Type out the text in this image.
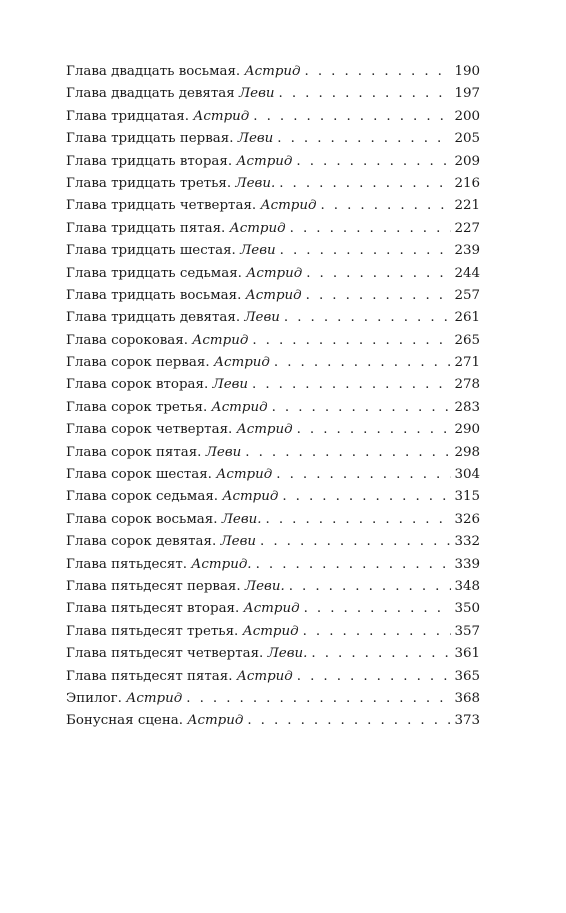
Глава двадцать восьмая. Астрид . . .	190
Глава двадцать девятая Леви . . .	197
Глава тридцатая. Астрид . . .	200
Глава тридцать первая. Леви . . .	205
Глава тридцать вторая. Астрид . . .	209
Глава тридцать третья. Леви. . . .	216
Глава тридцать четвертая. Астрид . . .	221
Глава тридцать пятая. Астрид . . .	227
Глава тридцать шестая. Леви . . .	239
Глава тридцать седьмая. Астрид . . .	244
Глава тридцать восьмая. Астрид . . .	257
Глава тридцать девятая. Леви . . .	261
Глава сороковая. Астрид . . .	265
Глава сорок первая. Астрид . . .	271
Глава сорок вторая. Леви . . .	278
Глава сорок третья. Астрид . . .	283
Глава сорок четвертая. Астрид . . .	290
Глава сорок пятая. Леви . . .	298
Глава сорок шестая. Астрид . . .	304
Глава сорок седьмая. Астрид . . .	315
Глава сорок восьмая. Леви. . . .	326
Глава сорок девятая. Леви . . .	332
Глава пятьдесят. Астрид. . . .	339
Глава пятьдесят первая. Леви. . . .	348
Глава пятьдесят вторая. Астрид . . .	350
Глава пятьдесят третья. Астрид . . .	357
Глава пятьдесят четвертая. Леви. . . .	361
Глава пятьдесят пятая. Астрид . . .	365
Эпилог. Астрид . . .	368
Бонусная сцена. Астрид . . .	373
